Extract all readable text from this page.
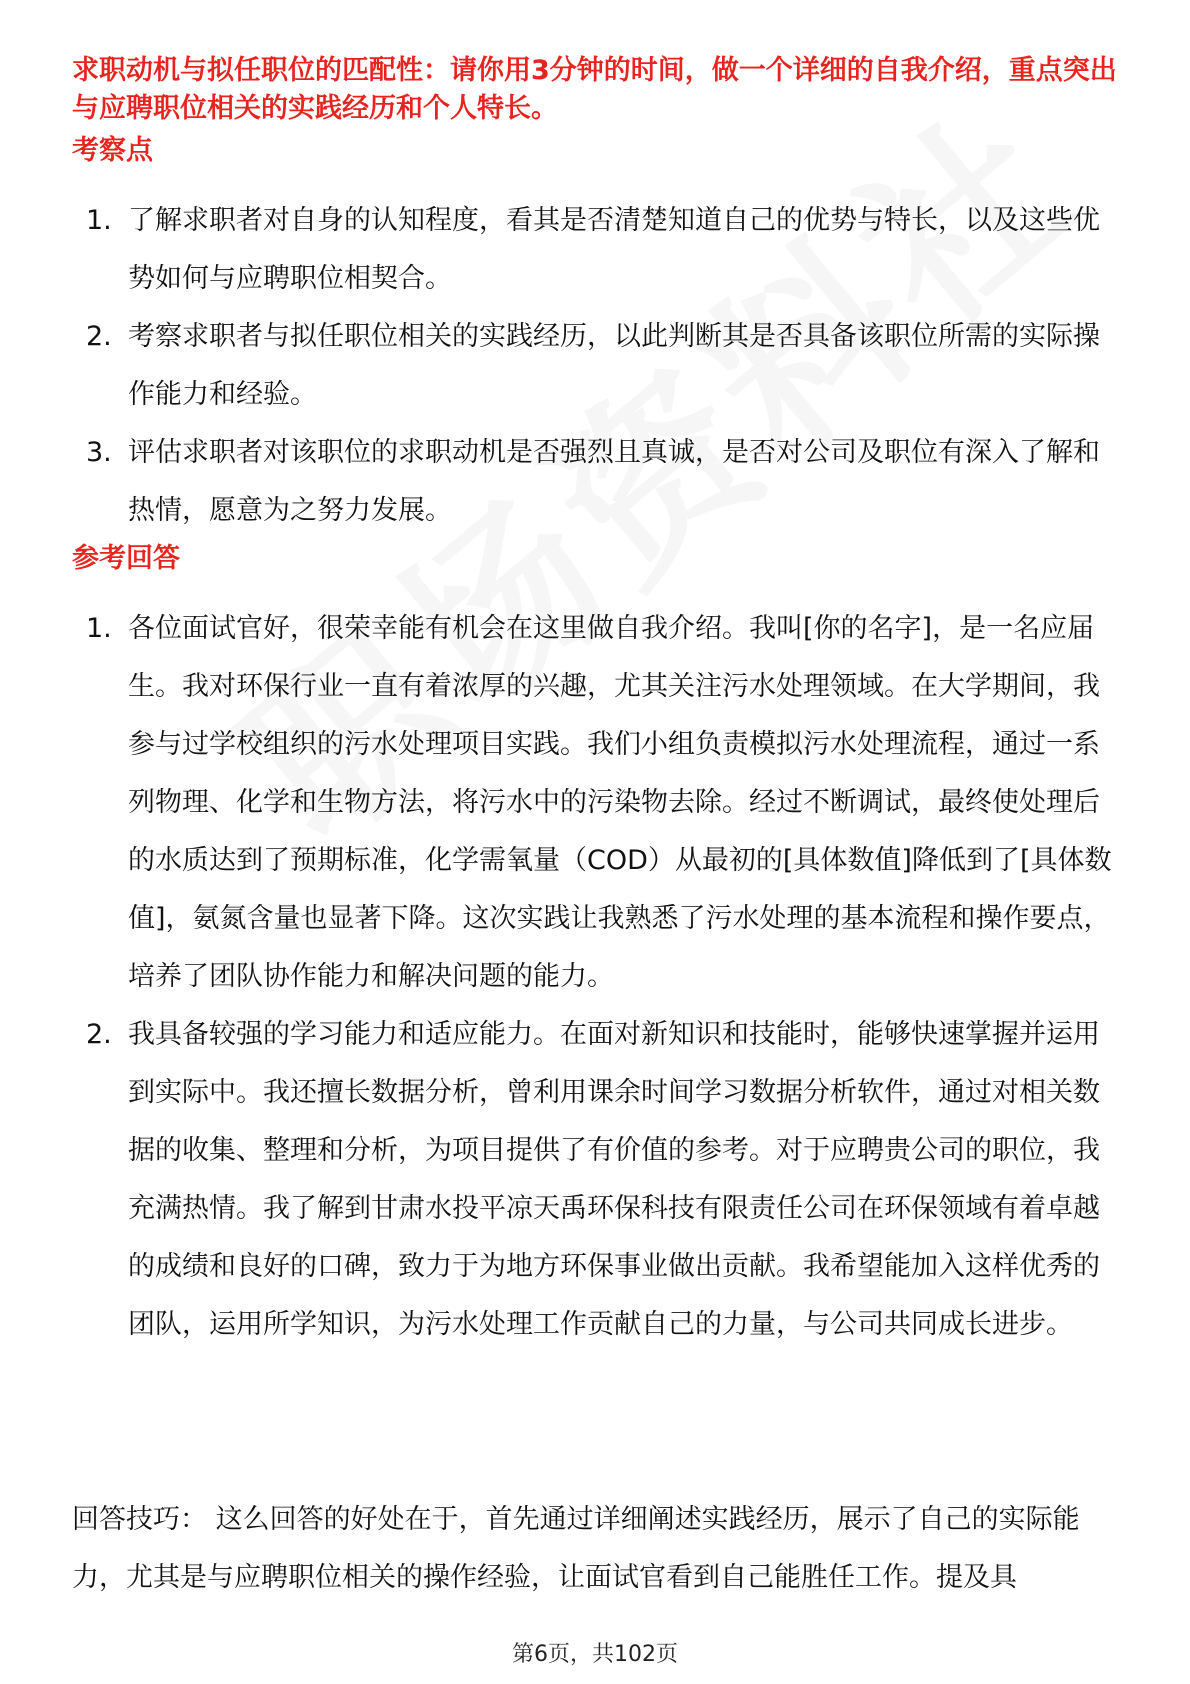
求职动机与拟任职位的匹配性：请你用3分钟的时间，做一个详细的自我介绍，重点突出与应聘职位相关的实践经历和个人特长。

考察点
1. 了解求职者对自身的认知程度，看其是否清楚知道自己的优势与特长，以及这些优势如何与应聘职位相契合。
2. 考察求职者与拟任职位相关的实践经历，以此判断其是否具备该职位所需的实际操作能力和经验。
3. 评估求职者对该职位的求职动机是否强烈且真诚，是否对公司及职位有深入了解和热情，愿意为之努力发展。
参考回答
1. 各位面试官好，很荣幸能有机会在这里做自我介绍。我叫[你的名字]，是一名应届生。我对环保行业一直有着浓厚的兴趣，尤其关注污水处理领域。在大学期间，我参与过学校组织的污水处理项目实践。我们小组负责模拟污水处理流程，通过一系列物理、化学和生物方法，将污水中的污染物去除。经过不断调试，最终使处理后的水质达到了预期标准，化学需氧量（COD）从最初的[具体数值]降低到了[具体数值]，氨氮含量也显著下降。这次实践让我熟悉了污水处理的基本流程和操作要点，培养了团队协作能力和解决问题的能力。
2. 我具备较强的学习能力和适应能力。在面对新知识和技能时，能够快速掌握并运用到实际中。我还擅长数据分析，曾利用课余时间学习数据分析软件，通过对相关数据的收集、整理和分析，为项目提供了有价值的参考。对于应聘贵公司的职位，我充满热情。我了解到甘肃水投平凉天禹环保科技有限责任公司在环保领域有着卓越的成绩和良好的口碑，致力于为地方环保事业做出贡献。我希望能加入这样优秀的团队，运用所学知识，为污水处理工作贡献自己的力量，与公司共同成长进步。

回答技巧： 这么回答的好处在于，首先通过详细阐述实践经历，展示了自己的实际能力，尤其是与应聘职位相关的操作经验，让面试官看到自己能胜任工作。提及具

第6页，共102页
